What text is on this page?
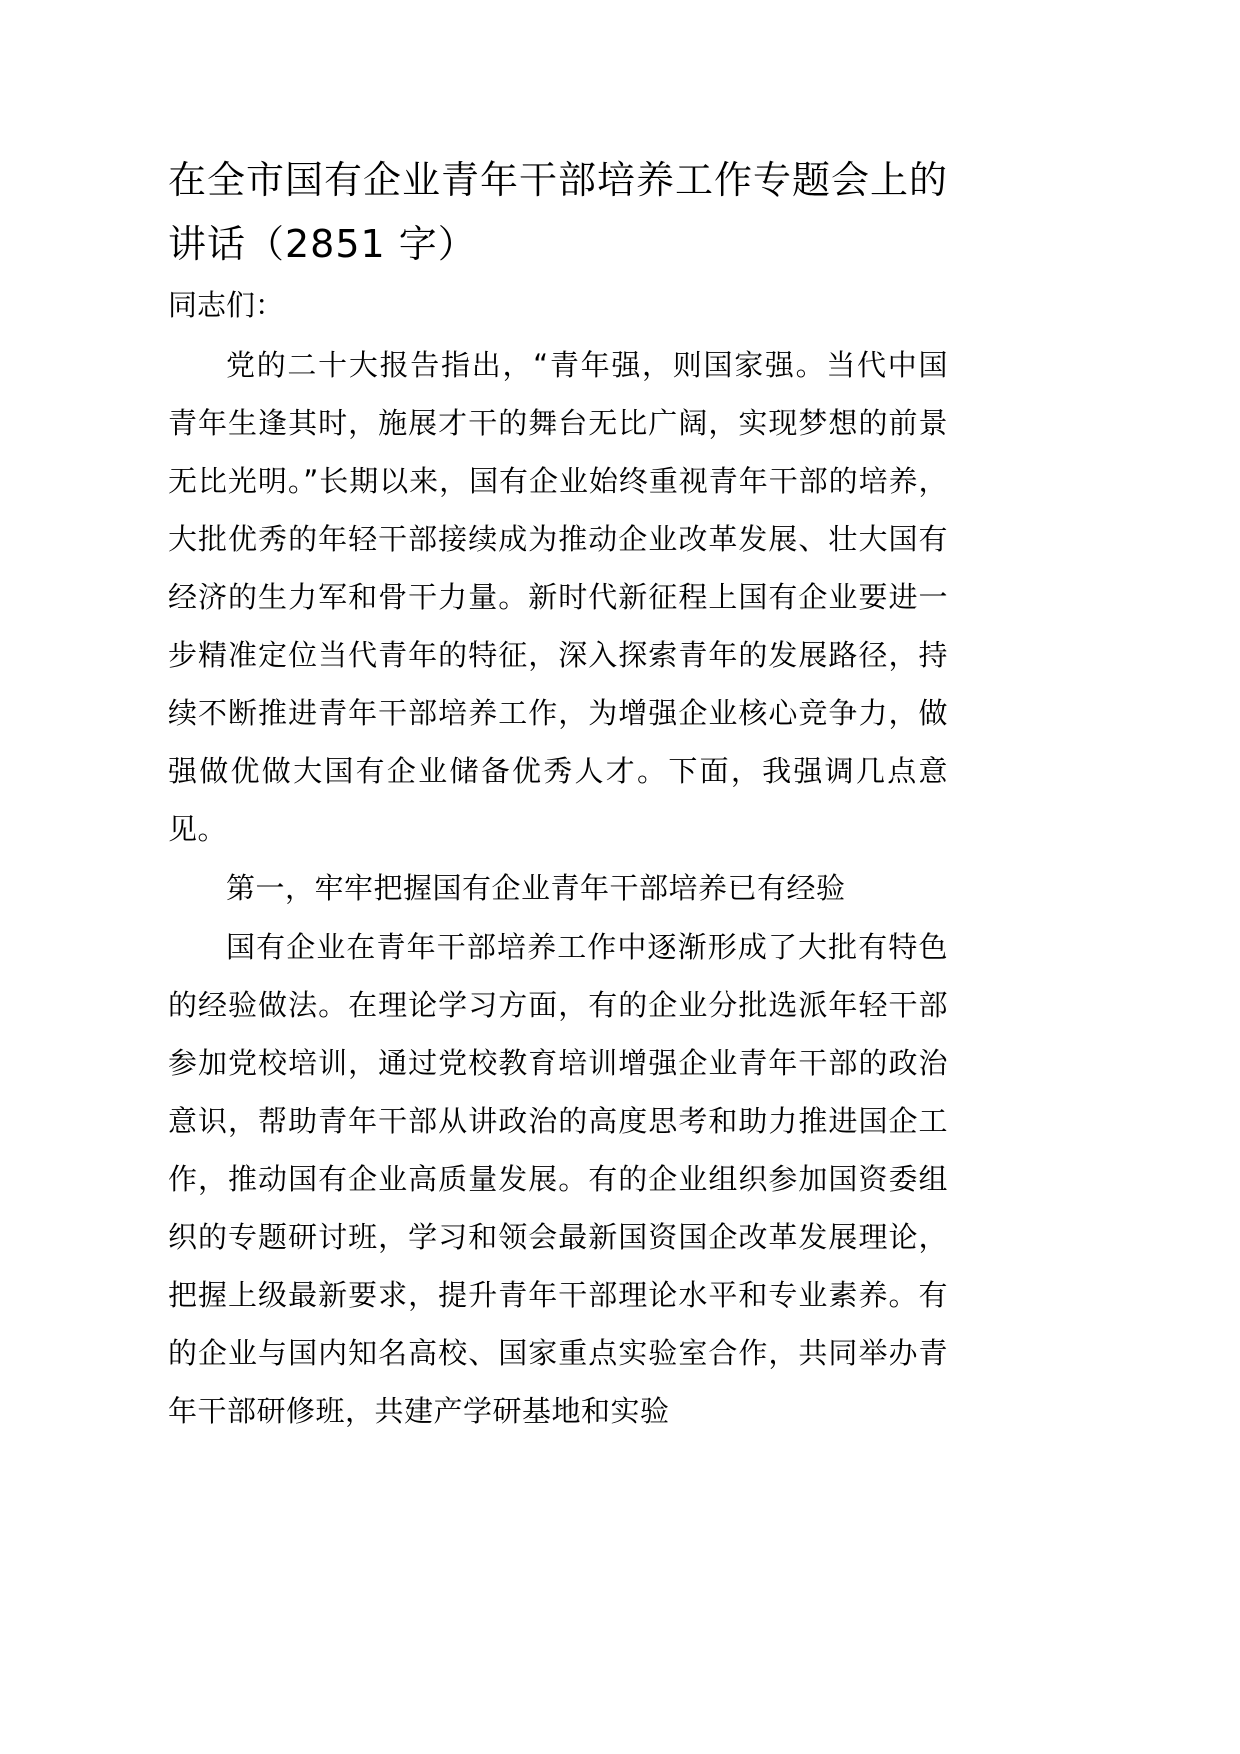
在全市国有企业青年干部培养工作专题会上的讲话（2851 字）

同志们：

党的二十大报告指出，“青年强，则国家强。当代中国青年生逢其时，施展才干的舞台无比广阔，实现梦想的前景无比光明。”长期以来，国有企业始终重视青年干部的培养，大批优秀的年轻干部接续成为推动企业改革发展、壮大国有经济的生力军和骨干力量。新时代新征程上国有企业要进一步精准定位当代青年的特征，深入探索青年的发展路径，持续不断推进青年干部培养工作，为增强企业核心竞争力，做强做优做大国有企业储备优秀人才。下面，我强调几点意见。

第一，牢牢把握国有企业青年干部培养已有经验

国有企业在青年干部培养工作中逐渐形成了大批有特色的经验做法。在理论学习方面，有的企业分批选派年轻干部参加党校培训，通过党校教育培训增强企业青年干部的政治意识，帮助青年干部从讲政治的高度思考和助力推进国企工作，推动国有企业高质量发展。有的企业组织参加国资委组织的专题研讨班，学习和领会最新国资国企改革发展理论，把握上级最新要求，提升青年干部理论水平和专业素养。有的企业与国内知名高校、国家重点实验室合作，共同举办青年干部研修班，共建产学研基地和实验
